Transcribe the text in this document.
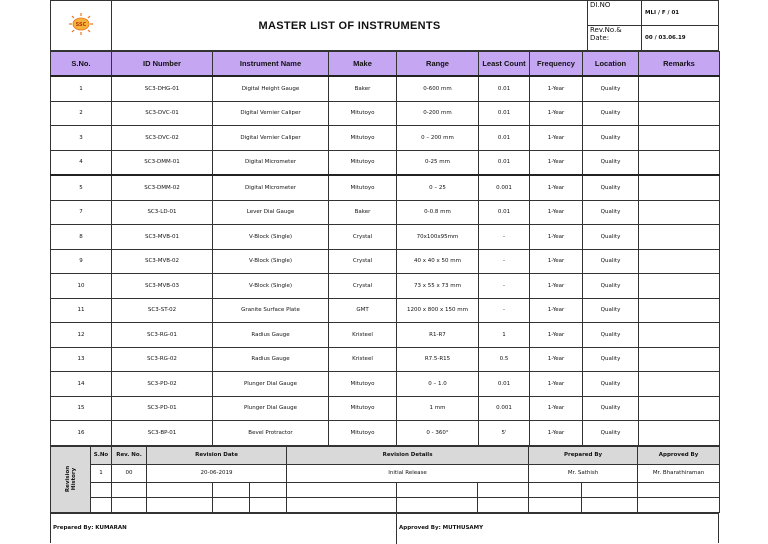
SSC	MASTER LIST OF INSTRUMENTS	DI.NO	MLI / F / 01
		Rev.No.& Date:	00 / 03.06.19
S.No.	ID Number	Instrument Name	Make	Range	Least Count	Frequency	Location	Remarks
1	SC3-DHG-01	Digital Height Gauge	Baker	0-600 mm	0.01	1-Year	Quality	
2	SC3-DVC-01	Digital Vernier Caliper	Mitutoyo	0-200 mm	0.01	1-Year	Quality	
3	SC3-DVC-02	Digital Vernier Caliper	Mitutoyo	0 – 200 mm	0.01	1-Year	Quality	
4	SC3-DMM-01	Digital Micrometer	Mitutoyo	0-25 mm	0.01	1-Year	Quality	
5	SC3-DMM-02	Digital Micrometer	Mitutoyo	0 – 25	0.001	1-Year	Quality	
7	SC3-LD-01	Lever Dial Gauge	Baker	0-0.8 mm	0.01	1-Year	Quality	
8	SC3-MVB-01	V-Block (Single)	Crystal	70x100x95mm	-	1-Year	Quality	
9	SC3-MVB-02	V-Block (Single)	Crystal	40 x 40 x 50 mm	-	1-Year	Quality	
10	SC3-MVB-03	V-Block (Single)	Crystal	73 x 55 x 73 mm	-	1-Year	Quality	
11	SC3-ST-02	Granite Surface Plate	GMT	1200 x 800 x 150 mm	-	1-Year	Quality	
12	SC3-RG-01	Radius Gauge	Kristeel	R1-R7	1	1-Year	Quality	
13	SC3-RG-02	Radius Gauge	Kristeel	R7.5-R15	0.5	1-Year	Quality	
14	SC3-PD-02	Plunger Dial Gauge	Mitutoyo	0 – 1.0	0.01	1-Year	Quality	
15	SC3-PD-01	Plunger Dial Gauge	Mitutoyo	1 mm	0.001	1-Year	Quality	
16	SC3-BP-01	Bevel Protractor	Mitutoyo	0 - 360°	5'	1-Year	Quality	
Revision
History	S.No	Rev. No.	Revision Date			Revision Details			Prepared By		Approved By
	1	00	20-06-2019			Initial Release			Mr. Sathish		Mr. Bharathiraman

Prepared By: KUMARAN	Approved By: MUTHUSAMY
